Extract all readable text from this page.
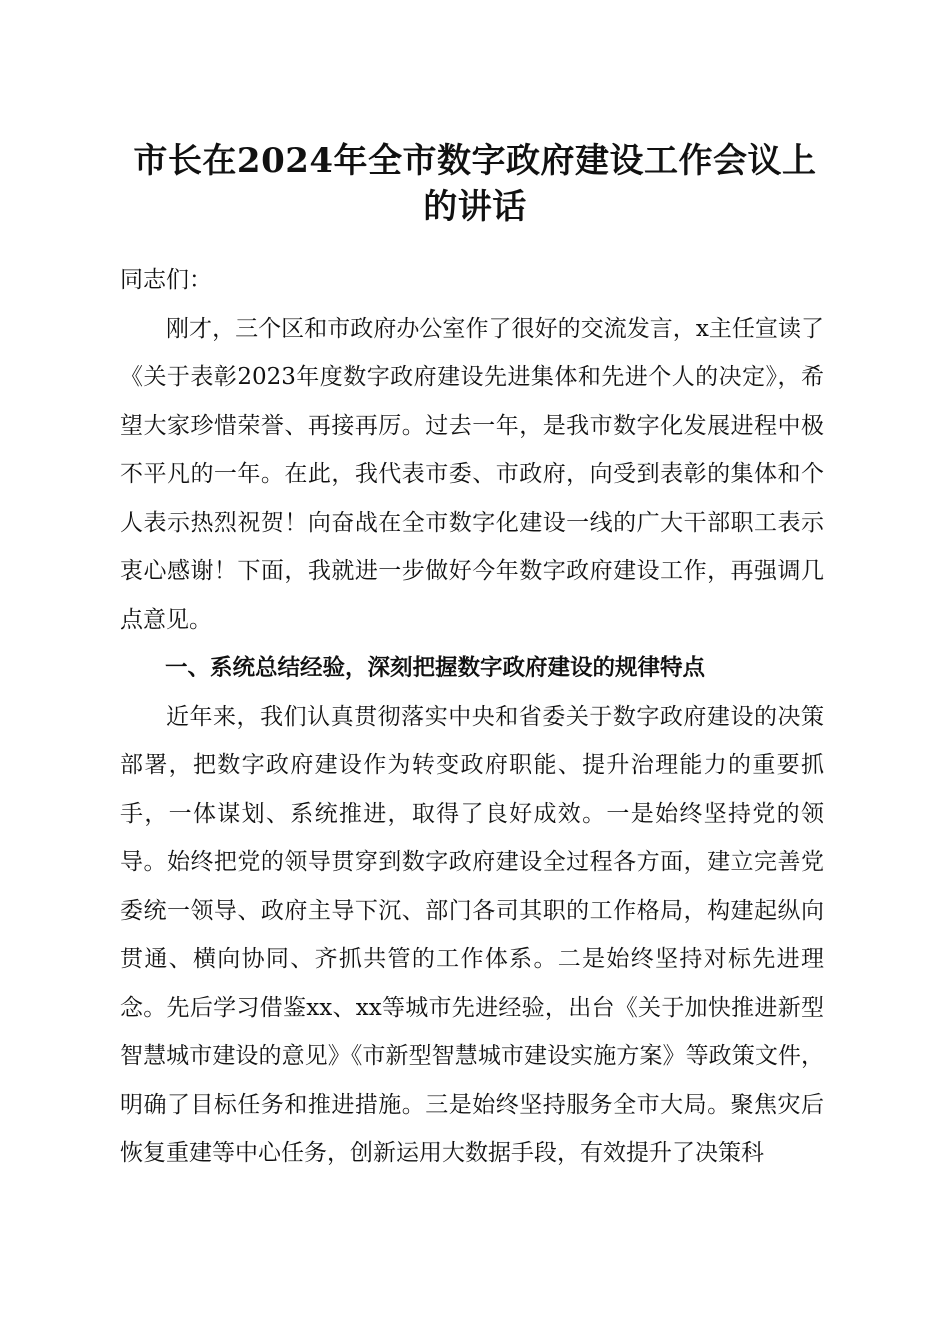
市长在2024年全市数字政府建设工作会议上的讲话

同志们：

刚才，三个区和市政府办公室作了很好的交流发言，x主任宣读了《关于表彰2023年度数字政府建设先进集体和先进个人的决定》，希望大家珍惜荣誉、再接再厉。过去一年，是我市数字化发展进程中极不平凡的一年。在此，我代表市委、市政府，向受到表彰的集体和个人表示热烈祝贺！向奋战在全市数字化建设一线的广大干部职工表示衷心感谢！下面，我就进一步做好今年数字政府建设工作，再强调几点意见。

一、系统总结经验，深刻把握数字政府建设的规律特点

近年来，我们认真贯彻落实中央和省委关于数字政府建设的决策部署，把数字政府建设作为转变政府职能、提升治理能力的重要抓手，一体谋划、系统推进，取得了良好成效。一是始终坚持党的领导。始终把党的领导贯穿到数字政府建设全过程各方面，建立完善党委统一领导、政府主导下沉、部门各司其职的工作格局，构建起纵向贯通、横向协同、齐抓共管的工作体系。二是始终坚持对标先进理念。先后学习借鉴xx、xx等城市先进经验，出台《关于加快推进新型智慧城市建设的意见》《市新型智慧城市建设实施方案》等政策文件，明确了目标任务和推进措施。三是始终坚持服务全市大局。聚焦灾后恢复重建等中心任务，创新运用大数据手段，有效提升了决策科
